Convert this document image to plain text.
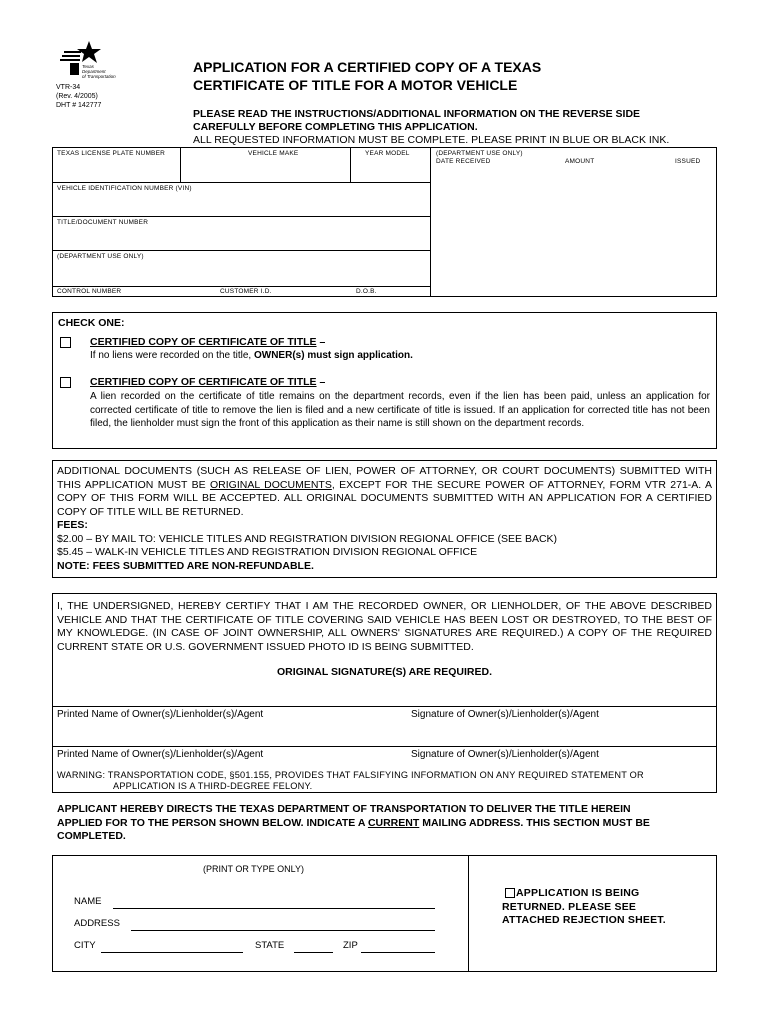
Texas
Department
of Transportation
VTR-34
(Rev. 4/2005)
DHT # 142777
APPLICATION FOR A CERTIFIED COPY OF A TEXAS
CERTIFICATE OF TITLE FOR A MOTOR VEHICLE
PLEASE READ THE INSTRUCTIONS/ADDITIONAL INFORMATION ON THE REVERSE SIDE
CAREFULLY BEFORE COMPLETING THIS APPLICATION.
ALL REQUESTED INFORMATION MUST BE COMPLETE. PLEASE PRINT IN BLUE OR BLACK INK.
TEXAS LICENSE PLATE NUMBER	VEHICLE MAKE	YEAR MODEL
VEHICLE IDENTIFICATION NUMBER (VIN)
TITLE/DOCUMENT NUMBER
(DEPARTMENT USE ONLY)
CONTROL NUMBER	CUSTOMER I.D.	D.O.B.
(DEPARTMENT USE ONLY)
DATE RECEIVED	AMOUNT	ISSUED
CHECK ONE:
CERTIFIED COPY OF CERTIFICATE OF TITLE –
If no liens were recorded on the title, OWNER(s) must sign application.
CERTIFIED COPY OF CERTIFICATE OF TITLE –
A lien recorded on the certificate of title remains on the department records, even if the lien has been paid, unless an application for corrected certificate of title to remove the lien is filed and a new certificate of title is issued. If an application for corrected title has not been filed, the lienholder must sign the front of this application as their name is still shown on the department records.
ADDITIONAL DOCUMENTS (SUCH AS RELEASE OF LIEN, POWER OF ATTORNEY, OR COURT DOCUMENTS) SUBMITTED WITH THIS APPLICATION MUST BE ORIGINAL DOCUMENTS, EXCEPT FOR THE SECURE POWER OF ATTORNEY, FORM VTR 271-A. A COPY OF THIS FORM WILL BE ACCEPTED. ALL ORIGINAL DOCUMENTS SUBMITTED WITH AN APPLICATION FOR A CERTIFIED COPY OF TITLE WILL BE RETURNED.
FEES:
$2.00 – BY MAIL TO: VEHICLE TITLES AND REGISTRATION DIVISION REGIONAL OFFICE (SEE BACK)
$5.45 – WALK-IN VEHICLE TITLES AND REGISTRATION DIVISION REGIONAL OFFICE
NOTE: FEES SUBMITTED ARE NON-REFUNDABLE.
I, THE UNDERSIGNED, HEREBY CERTIFY THAT I AM THE RECORDED OWNER, OR LIENHOLDER, OF THE ABOVE DESCRIBED VEHICLE AND THAT THE CERTIFICATE OF TITLE COVERING SAID VEHICLE HAS BEEN LOST OR DESTROYED, TO THE BEST OF MY KNOWLEDGE. (IN CASE OF JOINT OWNERSHIP, ALL OWNERS' SIGNATURES ARE REQUIRED.) A COPY OF THE REQUIRED CURRENT STATE OR U.S. GOVERNMENT ISSUED PHOTO ID IS BEING SUBMITTED.
ORIGINAL SIGNATURE(S) ARE REQUIRED.
Printed Name of Owner(s)/Lienholder(s)/Agent	Signature of Owner(s)/Lienholder(s)/Agent
Printed Name of Owner(s)/Lienholder(s)/Agent	Signature of Owner(s)/Lienholder(s)/Agent
WARNING: TRANSPORTATION CODE, §501.155, PROVIDES THAT FALSIFYING INFORMATION ON ANY REQUIRED STATEMENT OR
APPLICATION IS A THIRD-DEGREE FELONY.
APPLICANT HEREBY DIRECTS THE TEXAS DEPARTMENT OF TRANSPORTATION TO DELIVER THE TITLE HEREIN
APPLIED FOR TO THE PERSON SHOWN BELOW. INDICATE A CURRENT MAILING ADDRESS. THIS SECTION MUST BE
COMPLETED.
(PRINT OR TYPE ONLY)
NAME
ADDRESS
CITY	STATE	ZIP
APPLICATION IS BEING
RETURNED. PLEASE SEE
ATTACHED REJECTION SHEET.
